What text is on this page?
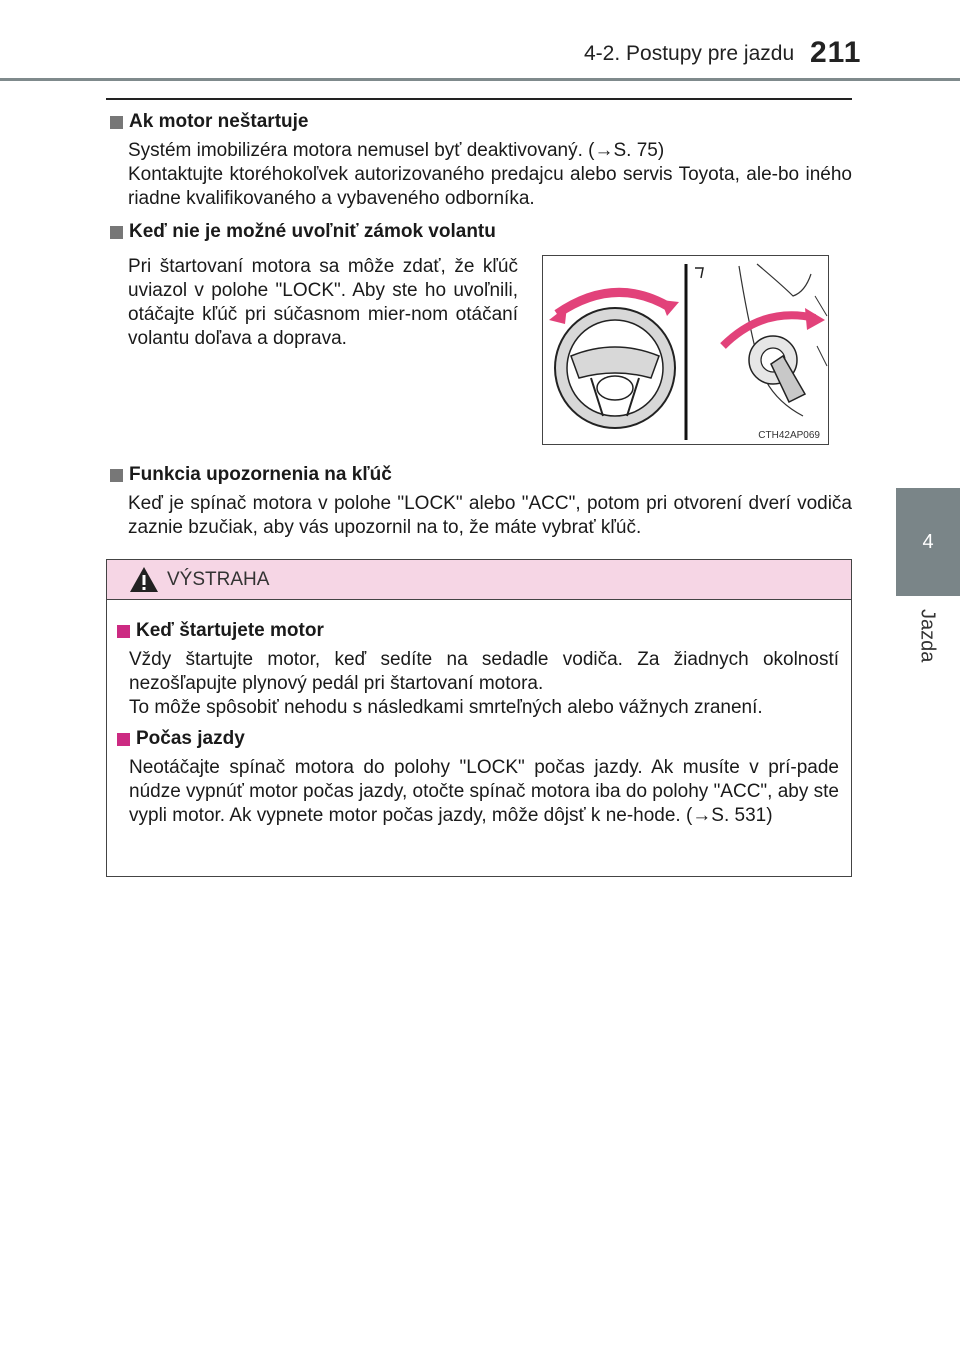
4-2. Postupy pre jazdu 211
4
Jazda
Ak motor neštartuje

Systém imobilizéra motora nemusel byť deaktivovaný. (→S. 75)

Kontaktujte ktoréhokoľvek autorizovaného predajcu alebo servis Toyota, ale-bo iného riadne kvalifikovaného a vybaveného odborníka.

Keď nie je možné uvoľniť zámok volantu
Pri štartovaní motora sa môže zdať, že kľúč uviazol v polohe "LOCK". Aby ste ho uvoľnili, otáčajte kľúč pri súčasnom mier-nom otáčaní volantu doľava a doprava.
CTH42AP069
Funkcia upozornenia na kľúč
Keď je spínač motora v polohe "LOCK" alebo "ACC", potom pri otvorení dverí vodiča zaznie bzučiak, aby vás upozornil na to, že máte vybrať kľúč.
VÝSTRAHA
Keď štartujete motor

Vždy štartujte motor, keď sedíte na sedadle vodiča. Za žiadnych okolností nezošľapujte plynový pedál pri štartovaní motora.

To môže spôsobiť nehodu s následkami smrteľných alebo vážnych zranení.

Počas jazdy
Neotáčajte spínač motora do polohy "LOCK" počas jazdy. Ak musíte v prí-pade núdze vypnúť motor počas jazdy, otočte spínač motora iba do polohy "ACC", aby ste vypli motor. Ak vypnete motor počas jazdy, môže dôjsť k ne-hode. (→S. 531)
